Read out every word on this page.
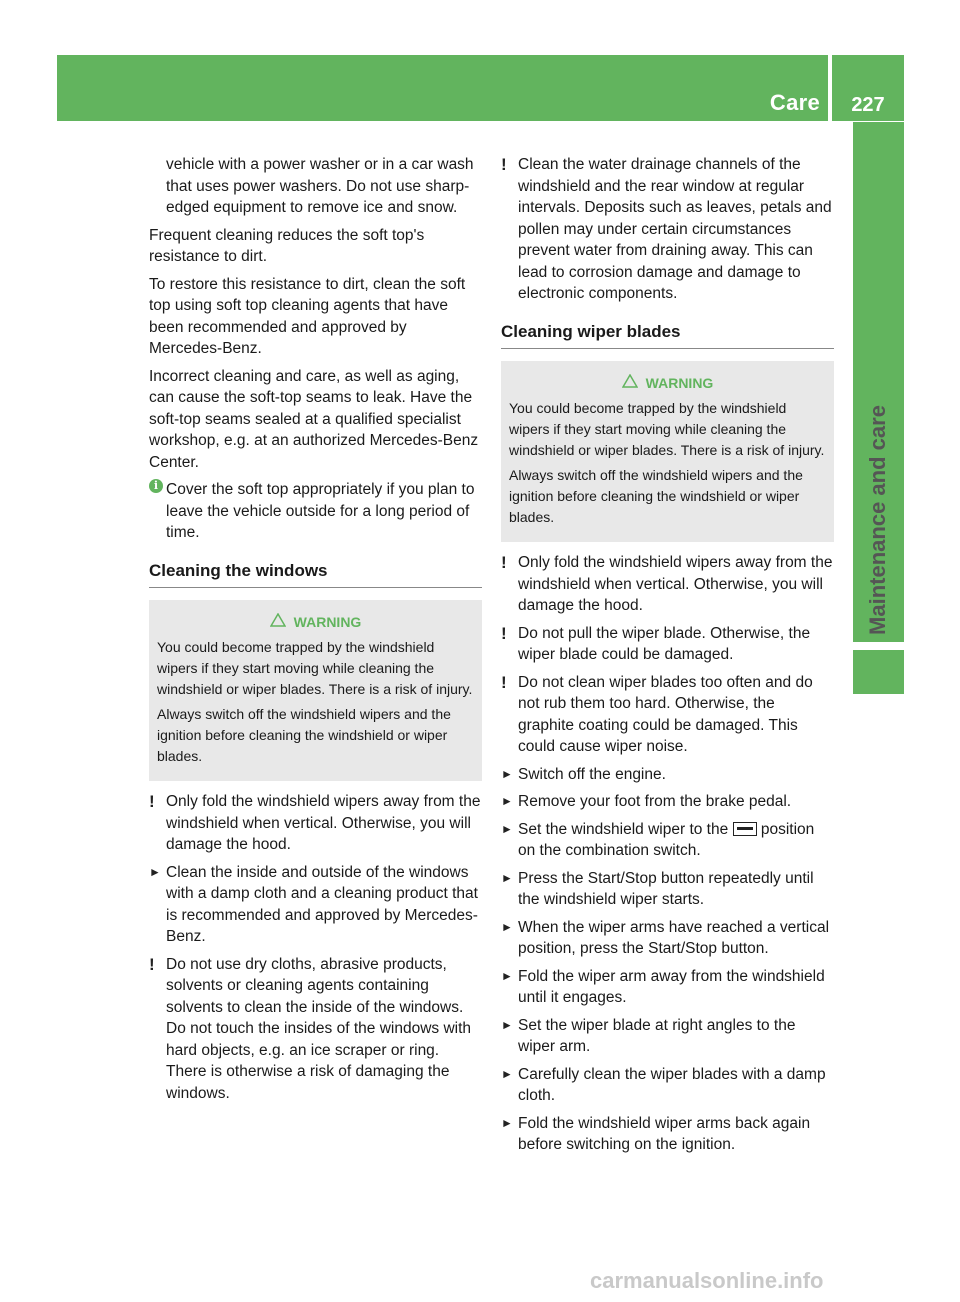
Care	227
Maintenance and care

vehicle with a power washer or in a car wash that uses power washers. Do not use sharp-edged equipment to remove ice and snow.

Frequent cleaning reduces the soft top's resistance to dirt.

To restore this resistance to dirt, clean the soft top using soft top cleaning agents that have been recommended and approved by Mercedes-Benz.

Incorrect cleaning and care, as well as aging, can cause the soft-top seams to leak. Have the soft-top seams sealed at a qualified specialist workshop, e.g. at an authorized Mercedes-Benz Center.

i Cover the soft top appropriately if you plan to leave the vehicle outside for a long period of time.
Cleaning the windows
WARNING

You could become trapped by the windshield wipers if they start moving while cleaning the windshield or wiper blades. There is a risk of injury.

Always switch off the windshield wipers and the ignition before cleaning the windshield or wiper blades.

! Only fold the windshield wipers away from the windshield when vertical. Otherwise, you will damage the hood.
► Clean the inside and outside of the windows with a damp cloth and a cleaning product that is recommended and approved by Mercedes-Benz.
! Do not use dry cloths, abrasive products, solvents or cleaning agents containing solvents to clean the inside of the windows. Do not touch the insides of the windows with hard objects, e.g. an ice scraper or ring. There is otherwise a risk of damaging the windows.
! Clean the water drainage channels of the windshield and the rear window at regular intervals. Deposits such as leaves, petals and pollen may under certain circumstances prevent water from draining away. This can lead to corrosion damage and damage to electronic components.
Cleaning wiper blades
WARNING

You could become trapped by the windshield wipers if they start moving while cleaning the windshield or wiper blades. There is a risk of injury.

Always switch off the windshield wipers and the ignition before cleaning the windshield or wiper blades.

! Only fold the windshield wipers away from the windshield when vertical. Otherwise, you will damage the hood.
! Do not pull the wiper blade. Otherwise, the wiper blade could be damaged.
! Do not clean wiper blades too often and do not rub them too hard. Otherwise, the graphite coating could be damaged. This could cause wiper noise.
► Switch off the engine.
► Remove your foot from the brake pedal.
► Set the windshield wiper to the position on the combination switch.
► Press the Start/Stop button repeatedly until the windshield wiper starts.
► When the wiper arms have reached a vertical position, press the Start/Stop button.
► Fold the wiper arm away from the windshield until it engages.
► Set the wiper blade at right angles to the wiper arm.
► Carefully clean the wiper blades with a damp cloth.
► Fold the windshield wiper arms back again before switching on the ignition.
carmanualsonline.info
